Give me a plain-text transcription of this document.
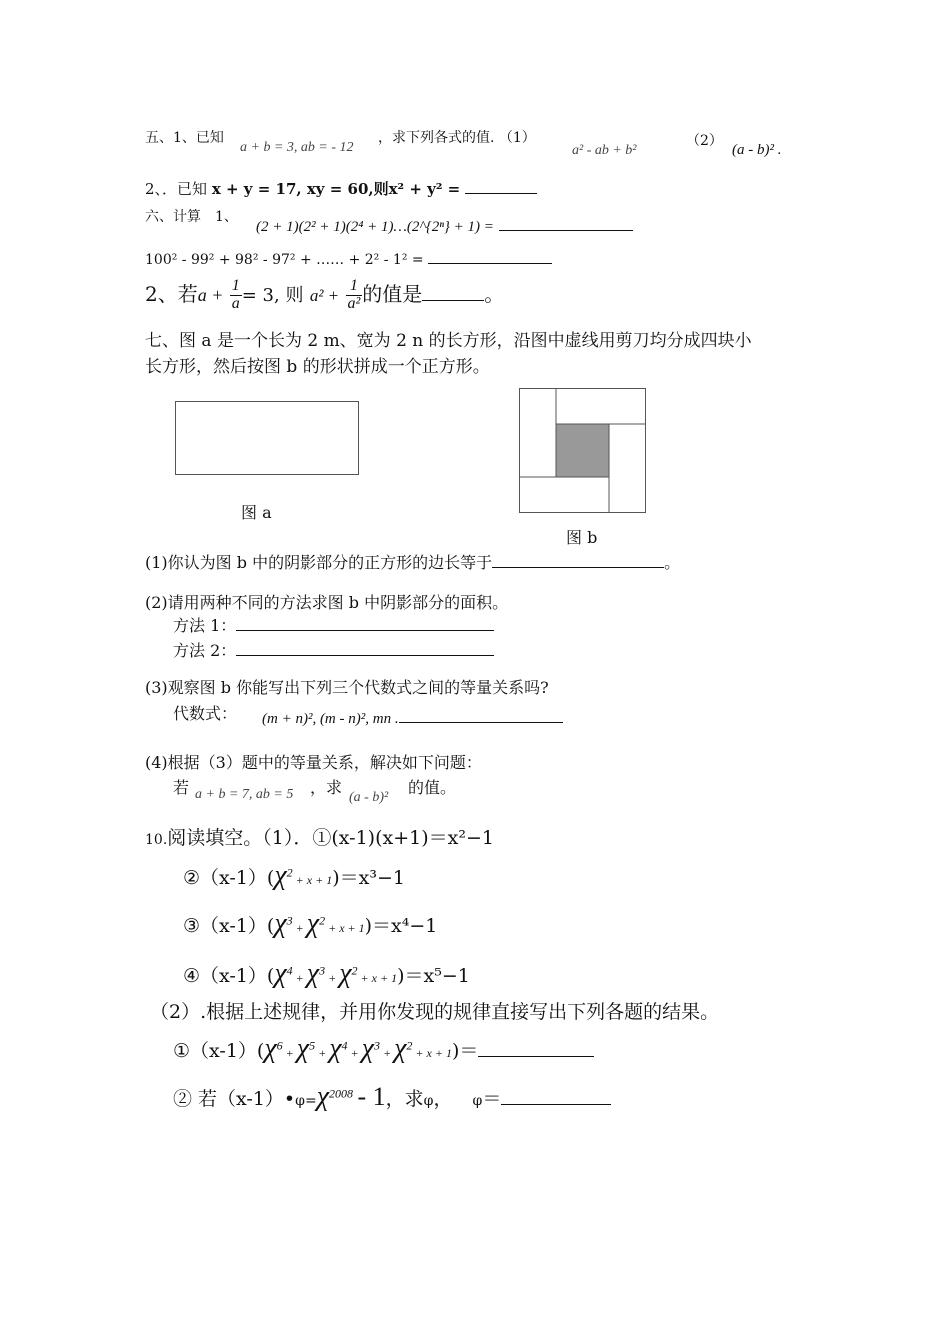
五、1、已知
a + b = 3, ab = - 12
，求下列各式的值. （1）
a² - ab + b²
（2）
(a - b)² .
2、．已知 x + y = 17, xy = 60,则x² + y² =
六、计算　1、
(2 + 1)(2² + 1)(2⁴ + 1)…(2^{2ⁿ} + 1) =
100² - 99² + 98² - 97² + …… + 2² - 1² =
2、若$a + \frac{1}{a} = 3$, 则 $a^2 + \frac{1}{\text{a²}}$ 的值是	。
七、图 a 是一个长为 2 m、宽为 2 n 的长方形，沿图中虚线用剪刀均分成四块小
长方形，然后按图 b 的形状拼成一个正方形。
图 a
图 b
(1)你认为图 b 中的阴影部分的正方形的边长等于	。
(2)请用两种不同的方法求图 b 中阴影部分的面积。
方法 1：
方法 2：
(3)观察图 b 你能写出下列三个代数式之间的等量关系吗?
代数式： (m + n)², (m - n)², mn .
(4)根据（3）题中的等量关系，解决如下问题：
若 a + b = 7, ab = 5 ，求
(a - b)²
的值。
10.阅读填空。（1）．①(x-1)(x+1)＝x²−1
$②(x-1)(\chi^2 + x + 1)=x^3-1$
$③(x-1)(\chi^3 + \chi^2 + x + 1)=x^4-1$
$④(x-1)(\chi^4 + \chi^3 + \chi^2 + x + 1)=x^5-1$
（2）.根据上述规律，并用你发现的规律直接写出下列各题的结果。
$①(x-1)(\chi^6 + \chi^5 + \chi^4 + \chi^3 + \chi^2 + x + 1)=$
② 若$(x-1)•\varphi=\chi^{2008} - 1$，求φ， φ＝
